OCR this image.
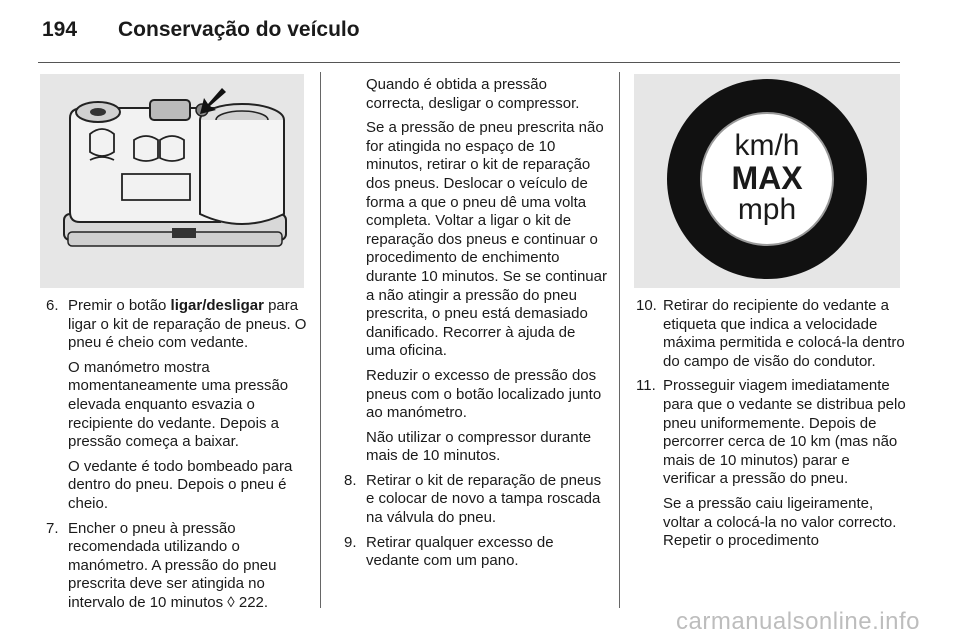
194 Conservação do veículo
km/h
MAX
mph
6. Premir o botão ligar/desligar para ligar o kit de reparação de pneus. O pneu é cheio com vedante.

O manómetro mostra momentaneamente uma pressão elevada enquanto esvazia o recipiente do vedante. Depois a pressão começa a baixar.

O vedante é todo bombeado para dentro do pneu. Depois o pneu é cheio.

7. Encher o pneu à pressão recomendada utilizando o manómetro. A pressão do pneu prescrita deve ser atingida no intervalo de 10 minutos ◊ 222.

Quando é obtida a pressão correcta, desligar o compressor.

Se a pressão de pneu prescrita não for atingida no espaço de 10 minutos, retirar o kit de reparação dos pneus. Deslocar o veículo de forma a que o pneu dê uma volta completa. Voltar a ligar o kit de reparação dos pneus e continuar o procedimento de enchimento durante 10 minutos. Se se continuar a não atingir a pressão do pneu prescrita, o pneu está demasiado danificado. Recorrer à ajuda de uma oficina.

Reduzir o excesso de pressão dos pneus com o botão localizado junto ao manómetro.

Não utilizar o compressor durante mais de 10 minutos.

8. Retirar o kit de reparação de pneus e colocar de novo a tampa roscada na válvula do pneu.
9. Retirar qualquer excesso de vedante com um pano.
10. Retirar do recipiente do vedante a etiqueta que indica a velocidade máxima permitida e colocá-la dentro do campo de visão do condutor.
11. Prosseguir viagem imediatamente para que o vedante se distribua pelo pneu uniformemente. Depois de percorrer cerca de 10 km (mas não mais de 10 minutos) parar e verificar a pressão do pneu.

Se a pressão caiu ligeiramente, voltar a colocá-la no valor correcto. Repetir o procedimento

carmanualsonline.info
